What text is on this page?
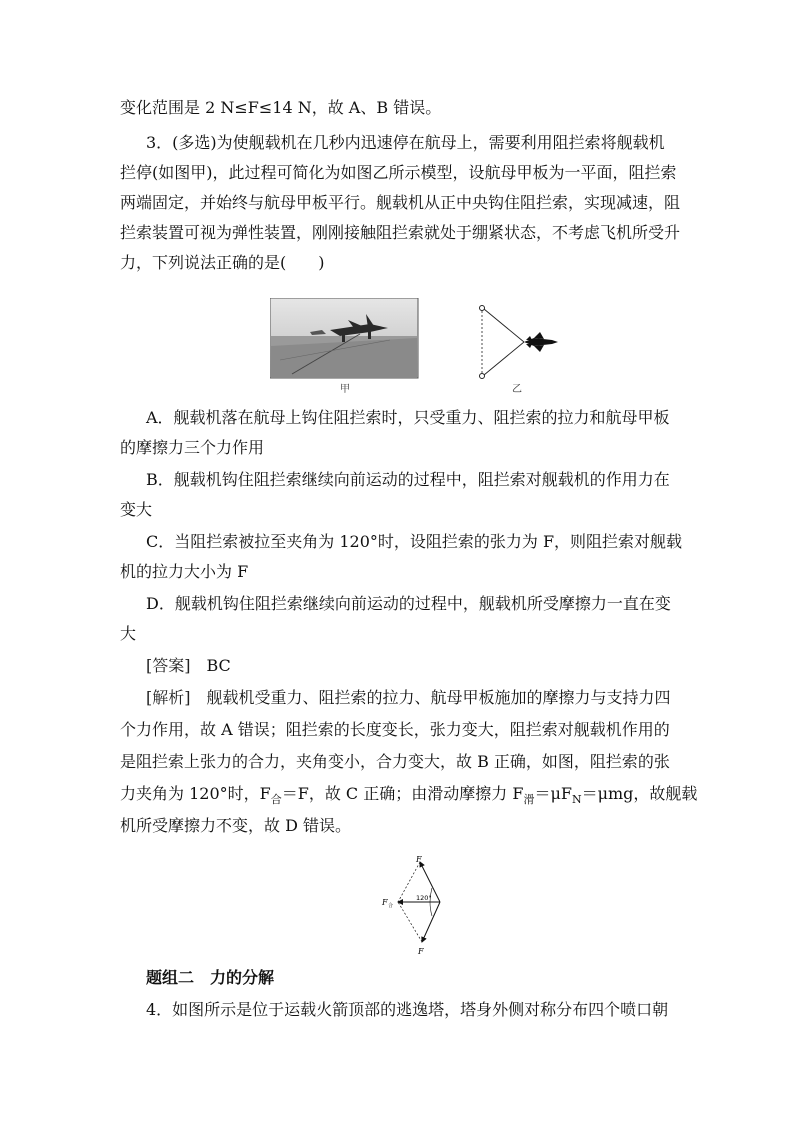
变化范围是 2 N≤F≤14 N，故 A、B 错误。
3．(多选)为使舰载机在几秒内迅速停在航母上，需要利用阻拦索将舰载机
拦停(如图甲)，此过程可简化为如图乙所示模型，设航母甲板为一平面，阻拦索
两端固定，并始终与航母甲板平行。舰载机从正中央钩住阻拦索，实现减速，阻
拦索装置可视为弹性装置，刚刚接触阻拦索就处于绷紧状态，不考虑飞机所受升
力，下列说法正确的是(　　)
甲	乙
A．舰载机落在航母上钩住阻拦索时，只受重力、阻拦索的拉力和航母甲板
的摩擦力三个力作用
B．舰载机钩住阻拦索继续向前运动的过程中，阻拦索对舰载机的作用力在
变大
C．当阻拦索被拉至夹角为 120°时，设阻拦索的张力为 F，则阻拦索对舰载
机的拉力大小为 F
D．舰载机钩住阻拦索继续向前运动的过程中，舰载机所受摩擦力一直在变
大
[答案]  BC
[解析]  舰载机受重力、阻拦索的拉力、航母甲板施加的摩擦力与支持力四
个力作用，故 A 错误；阻拦索的长度变长，张力变大，阻拦索对舰载机作用的
是阻拦索上张力的合力，夹角变小，合力变大，故 B 正确，如图，阻拦索的张
力夹角为 120°时，$F_合=F$，故 C 正确；由滑动摩擦力 $F_滑=\mu F_N=\mu mg$，故舰载
机所受摩擦力不变，故 D 错误。
F
F 合
120°
F
题组二　力的分解
4．如图所示是位于运载火箭顶部的逃逸塔，塔身外侧对称分布四个喷口朝
